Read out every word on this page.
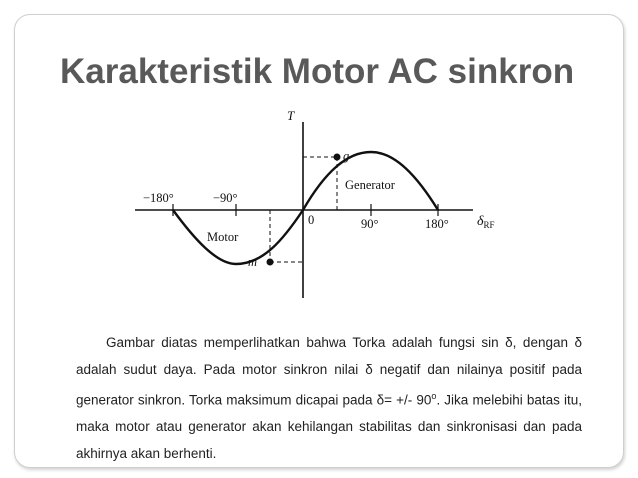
Karakteristik Motor AC sinkron
T
−180°	−90°
0	90°	180° $\delta_{RF}$
Generator
Motor
g
m
Gambar diatas memperlihatkan bahwa Torka adalah fungsi sin δ, dengan δ adalah sudut daya. Pada motor sinkron nilai δ negatif dan nilainya positif pada generator sinkron. Torka maksimum dicapai pada δ= +/- 90$^o$. Jika melebihi batas itu, maka motor atau generator akan kehilangan stabilitas dan sinkronisasi dan pada akhirnya akan berhenti.
